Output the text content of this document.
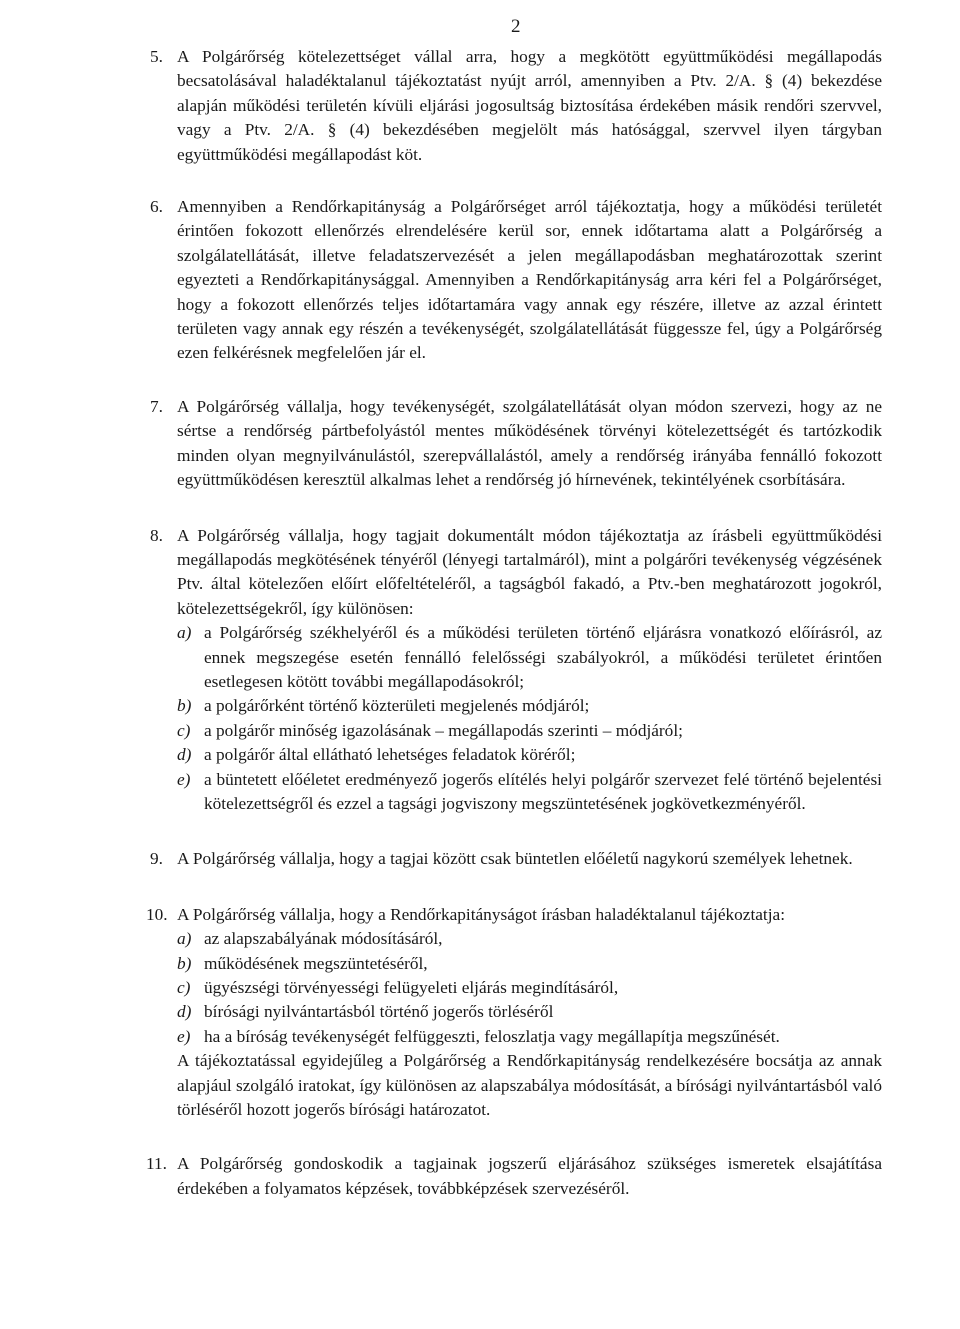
2
5. A Polgárőrség kötelezettséget vállal arra, hogy a megkötött együttműködési megállapodás becsatolásával haladéktalanul tájékoztatást nyújt arról, amennyiben a Ptv. 2/A. § (4) bekezdése alapján működési területén kívüli eljárási jogosultság biztosítása érdekében másik rendőri szervvel, vagy a Ptv. 2/A. § (4) bekezdésében megjelölt más hatósággal, szervvel ilyen tárgyban együttműködési megállapodást köt.

6. Amennyiben a Rendőrkapitányság a Polgárőrséget arról tájékoztatja, hogy a működési területét érintően fokozott ellenőrzés elrendelésére kerül sor, ennek időtartama alatt a Polgárőrség a szolgálatellátását, illetve feladatszervezését a jelen megállapodásban meghatározottak szerint egyezteti a Rendőrkapitánysággal. Amennyiben a Rendőrkapitányság arra kéri fel a Polgárőrséget, hogy a fokozott ellenőrzés teljes időtartamára vagy annak egy részére, illetve az azzal érintett területen vagy annak egy részén a tevékenységét, szolgálatellátását függessze fel, úgy a Polgárőrség ezen felkérésnek megfelelően jár el.

7. A Polgárőrség vállalja, hogy tevékenységét, szolgálatellátását olyan módon szervezi, hogy az ne sértse a rendőrség pártbefolyástól mentes működésének törvényi kötelezettségét és tartózkodik minden olyan megnyilvánulástól, szerepvállalástól, amely a rendőrség irányába fennálló fokozott együttműködésen keresztül alkalmas lehet a rendőrség jó hírnevének, tekintélyének csorbítására.

8. A Polgárőrség vállalja, hogy tagjait dokumentált módon tájékoztatja az írásbeli együttműködési megállapodás megkötésének tényéről (lényegi tartalmáról), mint a polgárőri tevékenység végzésének Ptv. által kötelezően előírt előfeltételéről, a tagságból fakadó, a Ptv.-ben meghatározott jogokról, kötelezettségekről, így különösen:

a) a Polgárőrség székhelyéről és a működési területen történő eljárásra vonatkozó előírásról, az ennek megszegése esetén fennálló felelősségi szabályokról, a működési területet érintően esetlegesen kötött további megállapodásokról;
b) a polgárőrként történő közterületi megjelenés módjáról;
c) a polgárőr minőség igazolásának – megállapodás szerinti – módjáról;
d) a polgárőr által ellátható lehetséges feladatok köréről;
e) a büntetett előéletet eredményező jogerős elítélés helyi polgárőr szervezet felé történő bejelentési kötelezettségről és ezzel a tagsági jogviszony megszüntetésének jogkövetkezményéről.
9. A Polgárőrség vállalja, hogy a tagjai között csak büntetlen előéletű nagykorú személyek lehetnek.

10. A Polgárőrség vállalja, hogy a Rendőrkapitányságot írásban haladéktalanul tájékoztatja:

a) az alapszabályának módosításáról,
b) működésének megszüntetéséről,
c) ügyészségi törvényességi felügyeleti eljárás megindításáról,
d) bírósági nyilvántartásból történő jogerős törléséről
e) ha a bíróság tevékenységét felfüggeszti, feloszlatja vagy megállapítja megszűnését.

A tájékoztatással egyidejűleg a Polgárőrség a Rendőrkapitányság rendelkezésére bocsátja az annak alapjául szolgáló iratokat, így különösen az alapszabálya módosítását, a bírósági nyilvántartásból való törléséről hozott jogerős bírósági határozatot.

11. A Polgárőrség gondoskodik a tagjainak jogszerű eljárásához szükséges ismeretek elsajátítása érdekében a folyamatos képzések, továbbképzések szervezéséről.
